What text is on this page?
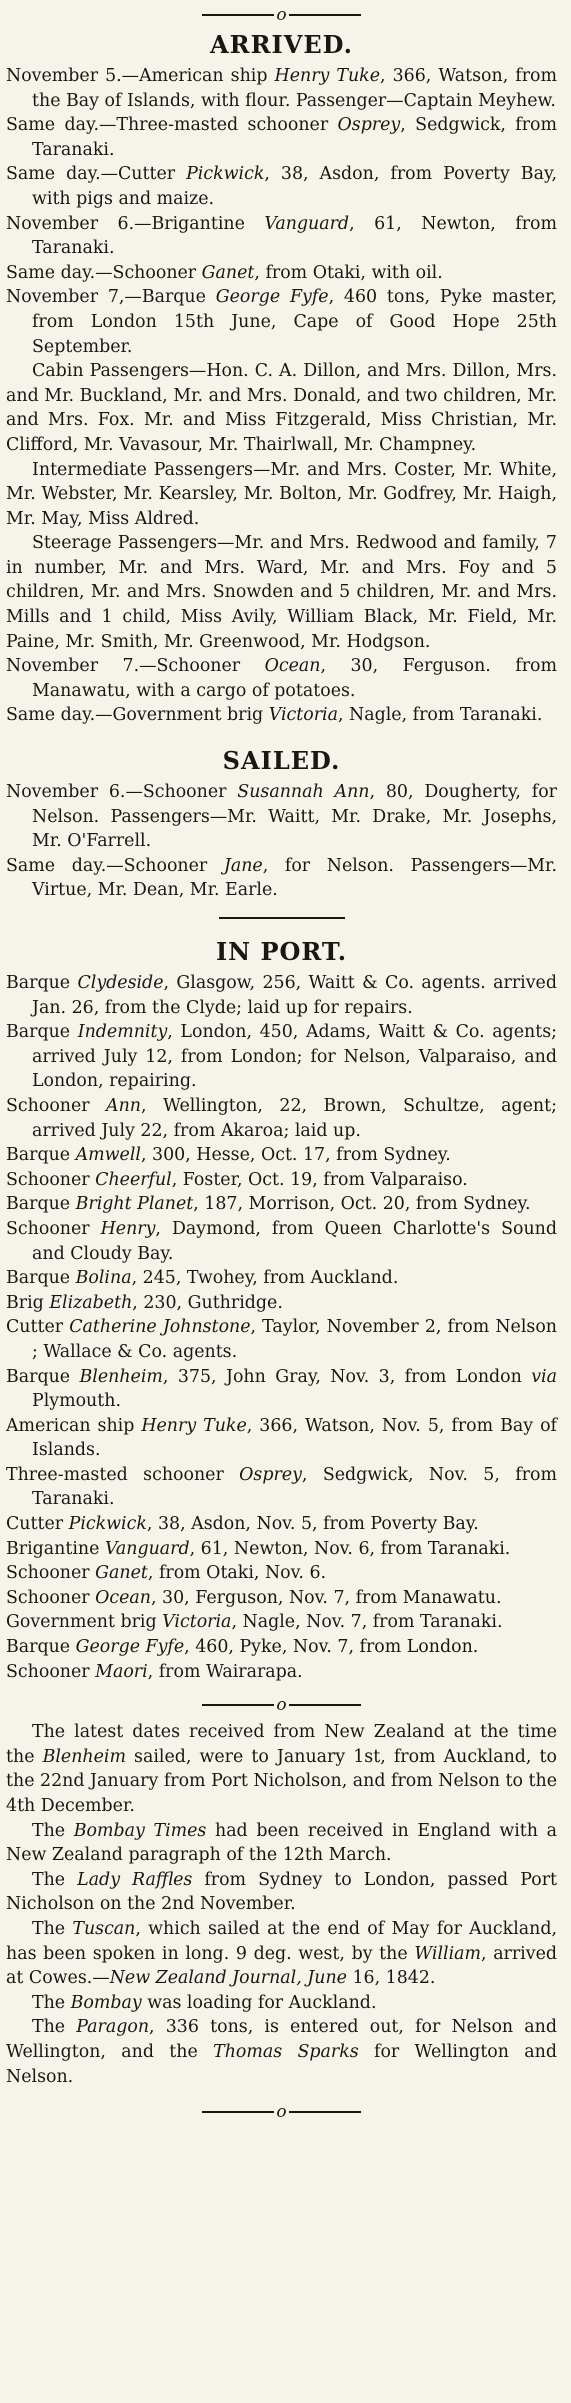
o
ARRIVED.

November 5.—American ship Henry Tuke, 366, Watson, from the Bay of Islands, with flour. Passenger—Captain Meyhew.

Same day.—Three-masted schooner Osprey, Sedgwick, from Taranaki.

Same day.—Cutter Pickwick, 38, Asdon, from Poverty Bay, with pigs and maize.

November 6.—Brigantine Vanguard, 61, Newton, from Taranaki.

Same day.—Schooner Ganet, from Otaki, with oil.

November 7,—Barque George Fyfe, 460 tons, Pyke master, from London 15th June, Cape of Good Hope 25th September.

Cabin Passengers—Hon. C. A. Dillon, and Mrs. Dillon, Mrs. and Mr. Buckland, Mr. and Mrs. Donald, and two children, Mr. and Mrs. Fox. Mr. and Miss Fitzgerald, Miss Christian, Mr. Clifford, Mr. Vavasour, Mr. Thairlwall, Mr. Champney.

Intermediate Passengers—Mr. and Mrs. Coster, Mr. White, Mr. Webster, Mr. Kearsley, Mr. Bolton, Mr. Godfrey, Mr. Haigh, Mr. May, Miss Aldred.

Steerage Passengers—Mr. and Mrs. Redwood and family, 7 in number, Mr. and Mrs. Ward, Mr. and Mrs. Foy and 5 children, Mr. and Mrs. Snowden and 5 children, Mr. and Mrs. Mills and 1 child, Miss Avily, William Black, Mr. Field, Mr. Paine, Mr. Smith, Mr. Greenwood, Mr. Hodgson.

November 7.—Schooner Ocean, 30, Ferguson. from Manawatu, with a cargo of potatoes.

Same day.—Government brig Victoria, Nagle, from Taranaki.

SAILED.

November 6.—Schooner Susannah Ann, 80, Dougherty, for Nelson. Passengers—Mr. Waitt, Mr. Drake, Mr. Josephs, Mr. O'Farrell.

Same day.—Schooner Jane, for Nelson. Passengers—Mr. Virtue, Mr. Dean, Mr. Earle.

IN PORT.

Barque Clydeside, Glasgow, 256, Waitt & Co. agents. arrived Jan. 26, from the Clyde; laid up for repairs.

Barque Indemnity, London, 450, Adams, Waitt & Co. agents; arrived July 12, from London; for Nelson, Valparaiso, and London, repairing.

Schooner Ann, Wellington, 22, Brown, Schultze, agent; arrived July 22, from Akaroa; laid up.

Barque Amwell, 300, Hesse, Oct. 17, from Sydney.

Schooner Cheerful, Foster, Oct. 19, from Valparaiso.

Barque Bright Planet, 187, Morrison, Oct. 20, from Sydney.

Schooner Henry, Daymond, from Queen Charlotte's Sound and Cloudy Bay.

Barque Bolina, 245, Twohey, from Auckland.

Brig Elizabeth, 230, Guthridge.

Cutter Catherine Johnstone, Taylor, November 2, from Nelson ; Wallace & Co. agents.

Barque Blenheim, 375, John Gray, Nov. 3, from London via Plymouth.

American ship Henry Tuke, 366, Watson, Nov. 5, from Bay of Islands.

Three-masted schooner Osprey, Sedgwick, Nov. 5, from Taranaki.

Cutter Pickwick, 38, Asdon, Nov. 5, from Poverty Bay.

Brigantine Vanguard, 61, Newton, Nov. 6, from Taranaki.

Schooner Ganet, from Otaki, Nov. 6.

Schooner Ocean, 30, Ferguson, Nov. 7, from Manawatu.

Government brig Victoria, Nagle, Nov. 7, from Taranaki.

Barque George Fyfe, 460, Pyke, Nov. 7, from London.

Schooner Maori, from Wairarapa.

o

The latest dates received from New Zealand at the time the Blenheim sailed, were to January 1st, from Auckland, to the 22nd January from Port Nicholson, and from Nelson to the 4th December.

The Bombay Times had been received in England with a New Zealand paragraph of the 12th March.

The Lady Raffles from Sydney to London, passed Port Nicholson on the 2nd November.

The Tuscan, which sailed at the end of May for Auckland, has been spoken in long. 9 deg. west, by the William, arrived at Cowes.—New Zealand Journal, June 16, 1842.

The Bombay was loading for Auckland.

The Paragon, 336 tons, is entered out, for Nelson and Wellington, and the Thomas Sparks for Wellington and Nelson.

o
